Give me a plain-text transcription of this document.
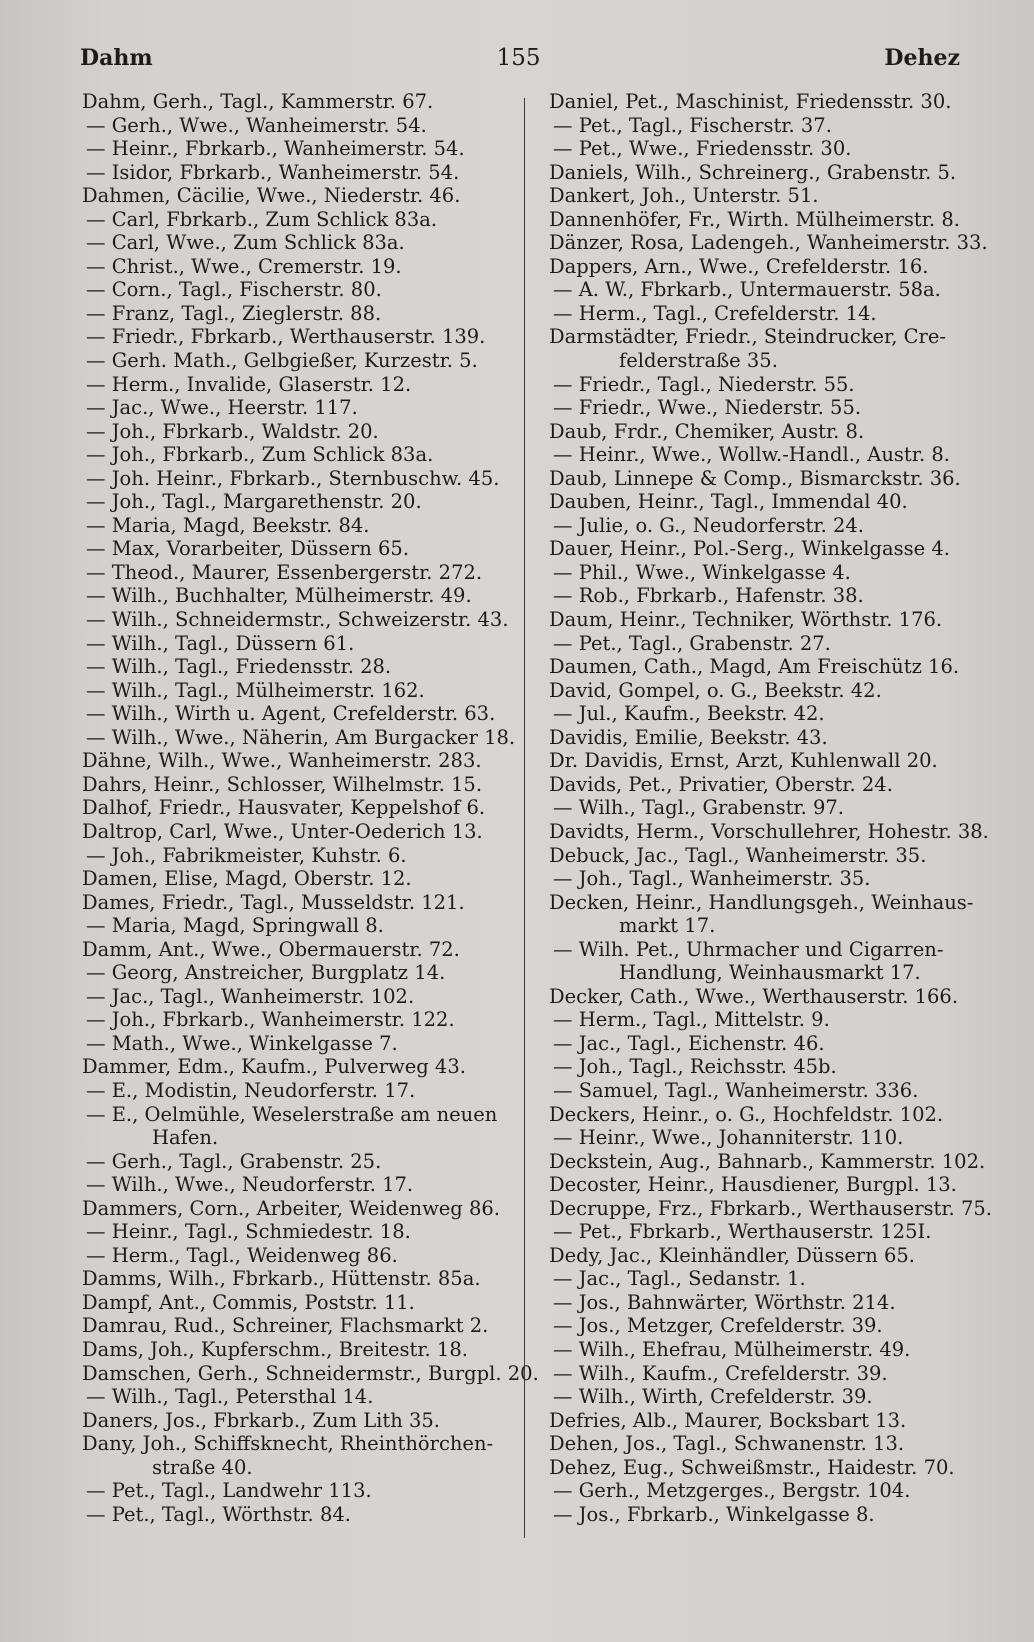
Dahm	155	Dehez
Dahm, Gerh., Tagl., Kammerstr. 67.
— Gerh., Wwe., Wanheimerstr. 54.
— Heinr., Fbrkarb., Wanheimerstr. 54.
— Isidor, Fbrkarb., Wanheimerstr. 54.
Dahmen, Cäcilie, Wwe., Niederstr. 46.
— Carl, Fbrkarb., Zum Schlick 83a.
— Carl, Wwe., Zum Schlick 83a.
— Christ., Wwe., Cremerstr. 19.
— Corn., Tagl., Fischerstr. 80.
— Franz, Tagl., Zieglerstr. 88.
— Friedr., Fbrkarb., Werthauserstr. 139.
— Gerh. Math., Gelbgießer, Kurzestr. 5.
— Herm., Invalide, Glaserstr. 12.
— Jac., Wwe., Heerstr. 117.
— Joh., Fbrkarb., Waldstr. 20.
— Joh., Fbrkarb., Zum Schlick 83a.
— Joh. Heinr., Fbrkarb., Sternbuschw. 45.
— Joh., Tagl., Margarethenstr. 20.
— Maria, Magd, Beekstr. 84.
— Max, Vorarbeiter, Düssern 65.
— Theod., Maurer, Essenbergerstr. 272.
— Wilh., Buchhalter, Mülheimerstr. 49.
— Wilh., Schneidermstr., Schweizerstr. 43.
— Wilh., Tagl., Düssern 61.
— Wilh., Tagl., Friedensstr. 28.
— Wilh., Tagl., Mülheimerstr. 162.
— Wilh., Wirth u. Agent, Crefelderstr. 63.
— Wilh., Wwe., Näherin, Am Burgacker 18.
Dähne, Wilh., Wwe., Wanheimerstr. 283.
Dahrs, Heinr., Schlosser, Wilhelmstr. 15.
Dalhof, Friedr., Hausvater, Keppelshof 6.
Daltrop, Carl, Wwe., Unter-Oederich 13.
— Joh., Fabrikmeister, Kuhstr. 6.
Damen, Elise, Magd, Oberstr. 12.
Dames, Friedr., Tagl., Musseldstr. 121.
— Maria, Magd, Springwall 8.
Damm, Ant., Wwe., Obermauerstr. 72.
— Georg, Anstreicher, Burgplatz 14.
— Jac., Tagl., Wanheimerstr. 102.
— Joh., Fbrkarb., Wanheimerstr. 122.
— Math., Wwe., Winkelgasse 7.
Dammer, Edm., Kaufm., Pulverweg 43.
— E., Modistin, Neudorferstr. 17.
— E., Oelmühle, Weselerstraße am neuen
Hafen.
— Gerh., Tagl., Grabenstr. 25.
— Wilh., Wwe., Neudorferstr. 17.
Dammers, Corn., Arbeiter, Weidenweg 86.
— Heinr., Tagl., Schmiedestr. 18.
— Herm., Tagl., Weidenweg 86.
Damms, Wilh., Fbrkarb., Hüttenstr. 85a.
Dampf, Ant., Commis, Poststr. 11.
Damrau, Rud., Schreiner, Flachsmarkt 2.
Dams, Joh., Kupferschm., Breitestr. 18.
Damschen, Gerh., Schneidermstr., Burgpl. 20.
— Wilh., Tagl., Petersthal 14.
Daners, Jos., Fbrkarb., Zum Lith 35.
Dany, Joh., Schiffsknecht, Rheinthörchen-
straße 40.
— Pet., Tagl., Landwehr 113.
— Pet., Tagl., Wörthstr. 84.
Daniel, Pet., Maschinist, Friedensstr. 30.
— Pet., Tagl., Fischerstr. 37.
— Pet., Wwe., Friedensstr. 30.
Daniels, Wilh., Schreinerg., Grabenstr. 5.
Dankert, Joh., Unterstr. 51.
Dannenhöfer, Fr., Wirth. Mülheimerstr. 8.
Dänzer, Rosa, Ladengeh., Wanheimerstr. 33.
Dappers, Arn., Wwe., Crefelderstr. 16.
— A. W., Fbrkarb., Untermauerstr. 58a.
— Herm., Tagl., Crefelderstr. 14.
Darmstädter, Friedr., Steindrucker, Cre-
felderstraße 35.
— Friedr., Tagl., Niederstr. 55.
— Friedr., Wwe., Niederstr. 55.
Daub, Frdr., Chemiker, Austr. 8.
— Heinr., Wwe., Wollw.-Handl., Austr. 8.
Daub, Linnepe & Comp., Bismarckstr. 36.
Dauben, Heinr., Tagl., Immendal 40.
— Julie, o. G., Neudorferstr. 24.
Dauer, Heinr., Pol.-Serg., Winkelgasse 4.
— Phil., Wwe., Winkelgasse 4.
— Rob., Fbrkarb., Hafenstr. 38.
Daum, Heinr., Techniker, Wörthstr. 176.
— Pet., Tagl., Grabenstr. 27.
Daumen, Cath., Magd, Am Freischütz 16.
David, Gompel, o. G., Beekstr. 42.
— Jul., Kaufm., Beekstr. 42.
Davidis, Emilie, Beekstr. 43.
Dr. Davidis, Ernst, Arzt, Kuhlenwall 20.
Davids, Pet., Privatier, Oberstr. 24.
— Wilh., Tagl., Grabenstr. 97.
Davidts, Herm., Vorschullehrer, Hohestr. 38.
Debuck, Jac., Tagl., Wanheimerstr. 35.
— Joh., Tagl., Wanheimerstr. 35.
Decken, Heinr., Handlungsgeh., Weinhaus-
markt 17.
— Wilh. Pet., Uhrmacher und Cigarren-
Handlung, Weinhausmarkt 17.
Decker, Cath., Wwe., Werthauserstr. 166.
— Herm., Tagl., Mittelstr. 9.
— Jac., Tagl., Eichenstr. 46.
— Joh., Tagl., Reichsstr. 45b.
— Samuel, Tagl., Wanheimerstr. 336.
Deckers, Heinr., o. G., Hochfeldstr. 102.
— Heinr., Wwe., Johanniterstr. 110.
Deckstein, Aug., Bahnarb., Kammerstr. 102.
Decoster, Heinr., Hausdiener, Burgpl. 13.
Decruppe, Frz., Fbrkarb., Werthauserstr. 75.
— Pet., Fbrkarb., Werthauserstr. 125I.
Dedy, Jac., Kleinhändler, Düssern 65.
— Jac., Tagl., Sedanstr. 1.
— Jos., Bahnwärter, Wörthstr. 214.
— Jos., Metzger, Crefelderstr. 39.
— Wilh., Ehefrau, Mülheimerstr. 49.
— Wilh., Kaufm., Crefelderstr. 39.
— Wilh., Wirth, Crefelderstr. 39.
Defries, Alb., Maurer, Bocksbart 13.
Dehen, Jos., Tagl., Schwanenstr. 13.
Dehez, Eug., Schweißmstr., Haidestr. 70.
— Gerh., Metzgerges., Bergstr. 104.
— Jos., Fbrkarb., Winkelgasse 8.
